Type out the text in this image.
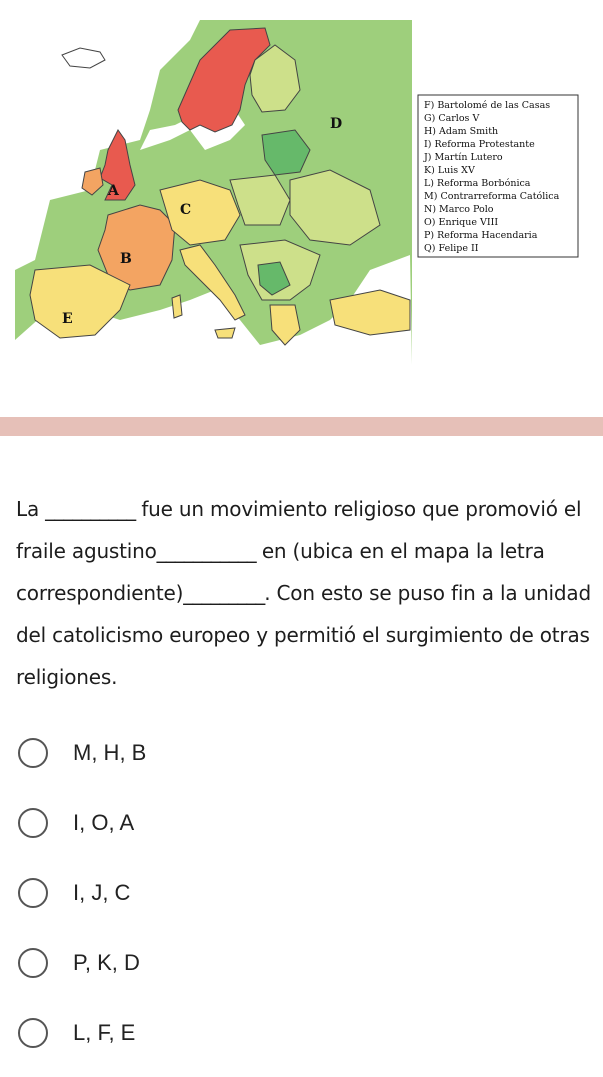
A
B
C
D
E
F) Bartolomé de las Casas
G) Carlos V
H) Adam Smith
I) Reforma Protestante
J) Martín Lutero
K) Luis XV
L) Reforma Borbónica
M) Contrarreforma Católica
N) Marco Polo
O) Enrique VIII
P) Reforma Hacendaria
Q) Felipe II
La __________ fue un movimiento religioso que promovió el fraile agustino___________ en (ubica en el mapa la letra correspondiente)_________. Con esto se puso fin a la unidad del catolicismo europeo y permitió el surgimiento de otras religiones.
M, H, B
I, O, A
I, J, C
P, K, D
L, F, E
